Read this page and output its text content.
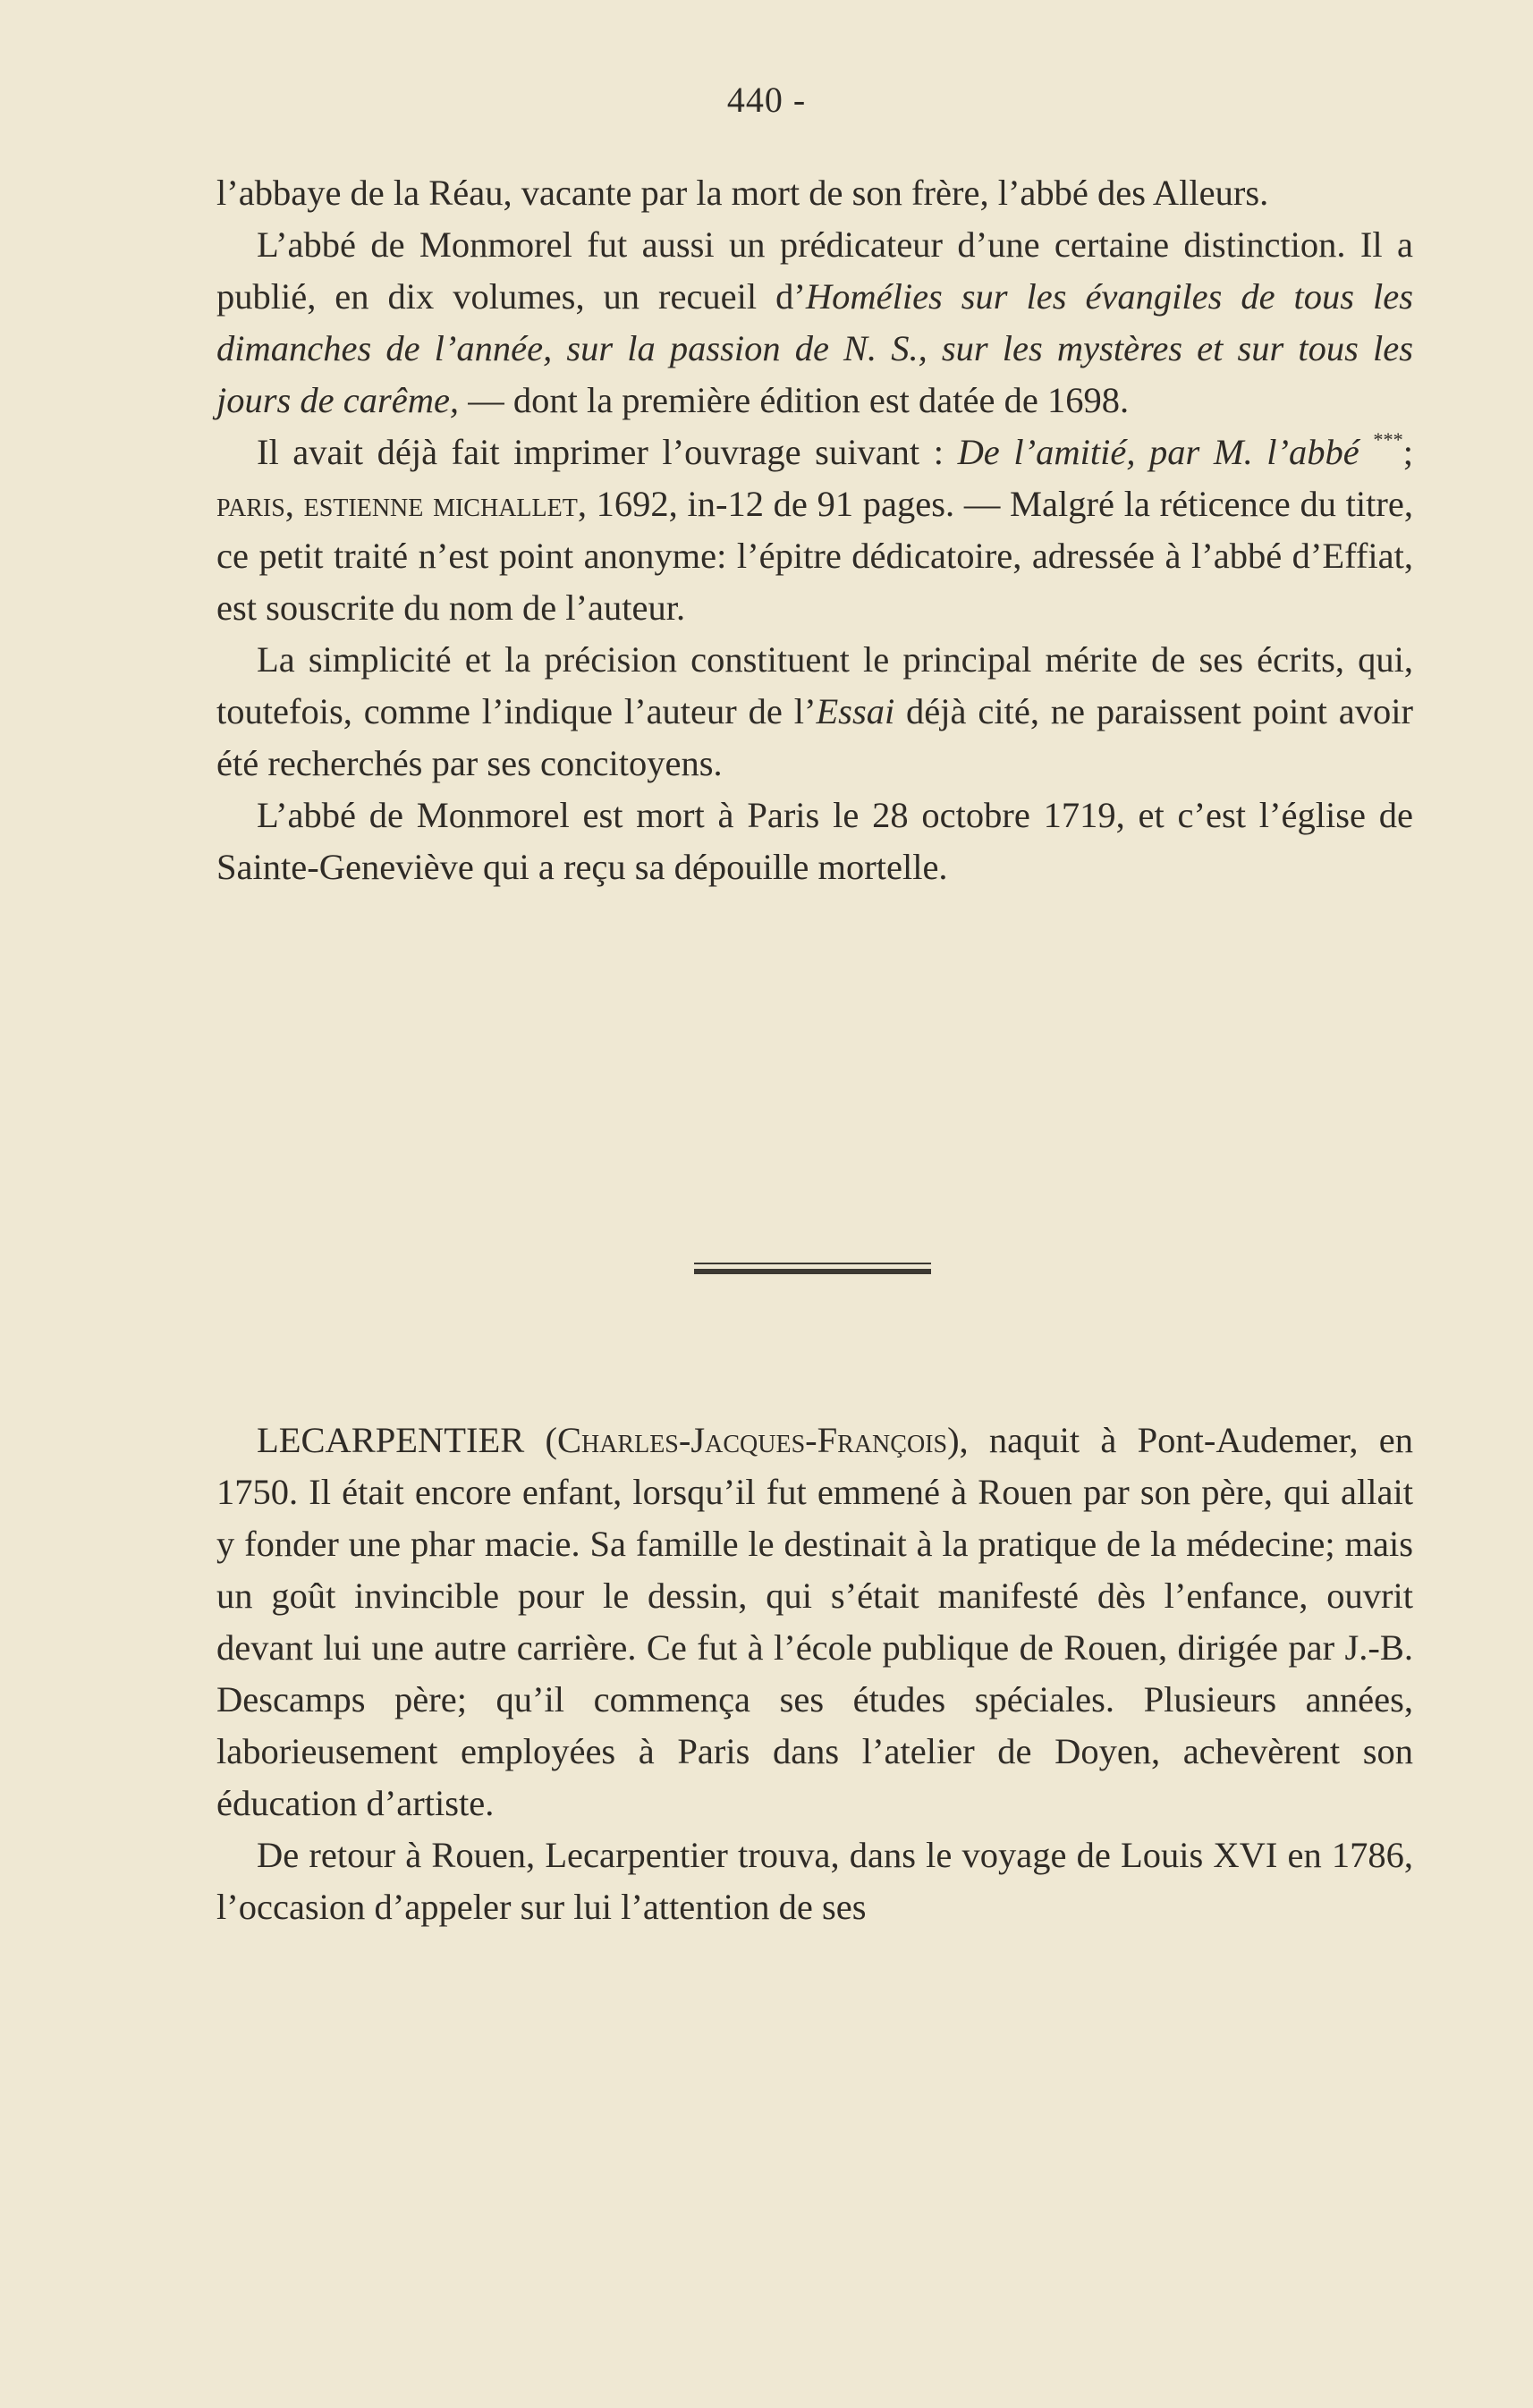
440 -

l’abbaye de la Réau, vacante par la mort de son frère, l’abbé des Alleurs.

L’abbé de Monmorel fut aussi un prédicateur d’une certaine distinction. Il a publié, en dix volumes, un recueil d’Homélies sur les évangiles de tous les dimanches de l’année, sur la passion de N. S., sur les mystères et sur tous les jours de carême, — dont la première édition est datée de 1698.

Il avait déjà fait imprimer l’ouvrage suivant : De l’amitié, par M. l’abbé ***; paris, estienne michallet, 1692, in-12 de 91 pages. — Malgré la réticence du titre, ce petit traité n’est point anonyme: l’épitre dédicatoire, adressée à l’abbé d’Effiat, est souscrite du nom de l’auteur.

La simplicité et la précision constituent le principal mérite de ses écrits, qui, toutefois, comme l’indique l’auteur de l’Essai déjà cité, ne paraissent point avoir été recherchés par ses concitoyens.

L’abbé de Monmorel est mort à Paris le 28 octobre 1719, et c’est l’église de Sainte-Geneviève qui a reçu sa dépouille mortelle.

LECARPENTIER (Charles-Jacques-François), naquit à Pont-Audemer, en 1750. Il était encore enfant, lorsqu’il fut emmené à Rouen par son père, qui allait y fonder une phar macie. Sa famille le destinait à la pratique de la médecine; mais un goût invincible pour le dessin, qui s’était manifesté dès l’enfance, ouvrit devant lui une autre carrière. Ce fut à l’école publique de Rouen, dirigée par J.-B. Descamps père; qu’il commença ses études spéciales. Plusieurs années, laborieusement employées à Paris dans l’atelier de Doyen, achevèrent son éducation d’artiste.

De retour à Rouen, Lecarpentier trouva, dans le voyage de Louis XVI en 1786, l’occasion d’appeler sur lui l’attention de ses
